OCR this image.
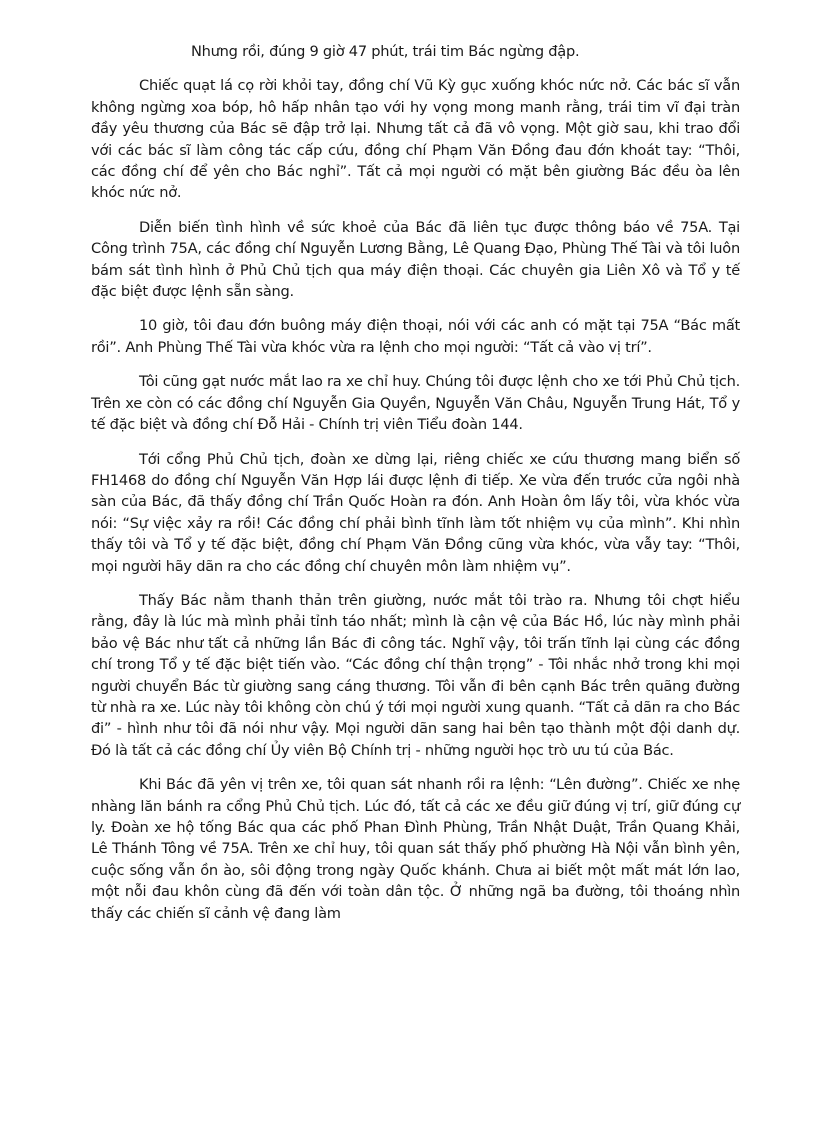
Nhưng rồi, đúng 9 giờ 47 phút, trái tim Bác ngừng đập.

Chiếc quạt lá cọ rời khỏi tay, đồng chí Vũ Kỳ gục xuống khóc nức nở. Các bác sĩ vẫn không ngừng xoa bóp, hô hấp nhân tạo với hy vọng mong manh rằng, trái tim vĩ đại tràn đầy yêu thương của Bác sẽ đập trở lại. Nhưng tất cả đã vô vọng. Một giờ sau, khi trao đổi với các bác sĩ làm công tác cấp cứu, đồng chí Phạm Văn Đồng đau đớn khoát tay: “Thôi, các đồng chí để yên cho Bác nghỉ”. Tất cả mọi người có mặt bên giường Bác đều òa lên khóc nức nở.

Diễn biến tình hình về sức khoẻ của Bác đã liên tục được thông báo về 75A. Tại Công trình 75A, các đồng chí Nguyễn Lương Bằng, Lê Quang Đạo, Phùng Thế Tài và tôi luôn bám sát tình hình ở Phủ Chủ tịch qua máy điện thoại. Các chuyên gia Liên Xô và Tổ y tế đặc biệt được lệnh sẵn sàng.

10 giờ, tôi đau đớn buông máy điện thoại, nói với các anh có mặt tại 75A “Bác mất rồi”. Anh Phùng Thế Tài vừa khóc vừa ra lệnh cho mọi người: “Tất cả vào vị trí”.

Tôi cũng gạt nước mắt lao ra xe chỉ huy. Chúng tôi được lệnh cho xe tới Phủ Chủ tịch. Trên xe còn có các đồng chí Nguyễn Gia Quyền, Nguyễn Văn Châu, Nguyễn Trung Hát, Tổ y tế đặc biệt và đồng chí Đỗ Hải - Chính trị viên Tiểu đoàn 144.

Tới cổng Phủ Chủ tịch, đoàn xe dừng lại, riêng chiếc xe cứu thương mang biển số FH1468 do đồng chí Nguyễn Văn Hợp lái được lệnh đi tiếp. Xe vừa đến trước cửa ngôi nhà sàn của Bác, đã thấy đồng chí Trần Quốc Hoàn ra đón. Anh Hoàn ôm lấy tôi, vừa khóc vừa nói: “Sự việc xảy ra rồi! Các đồng chí phải bình tĩnh làm tốt nhiệm vụ của mình”. Khi nhìn thấy tôi và Tổ y tế đặc biệt, đồng chí Phạm Văn Đồng cũng vừa khóc, vừa vẫy tay: “Thôi, mọi người hãy dãn ra cho các đồng chí chuyên môn làm nhiệm vụ”.

Thấy Bác nằm thanh thản trên giường, nước mắt tôi trào ra. Nhưng tôi chợt hiểu rằng, đây là lúc mà mình phải tỉnh táo nhất; mình là cận vệ của Bác Hồ, lúc này mình phải bảo vệ Bác như tất cả những lần Bác đi công tác. Nghĩ vậy, tôi trấn tĩnh lại cùng các đồng chí trong Tổ y tế đặc biệt tiến vào. “Các đồng chí thận trọng” - Tôi nhắc nhở trong khi mọi người chuyển Bác từ giường sang cáng thương. Tôi vẫn đi bên cạnh Bác trên quãng đường từ nhà ra xe. Lúc này tôi không còn chú ý tới mọi người xung quanh. “Tất cả dãn ra cho Bác đi” - hình như tôi đã nói như vậy. Mọi người dãn sang hai bên tạo thành một đội danh dự. Đó là tất cả các đồng chí Ủy viên Bộ Chính trị - những người học trò ưu tú của Bác.

Khi Bác đã yên vị trên xe, tôi quan sát nhanh rồi ra lệnh: “Lên đường”. Chiếc xe nhẹ nhàng lăn bánh ra cổng Phủ Chủ tịch. Lúc đó, tất cả các xe đều giữ đúng vị trí, giữ đúng cự ly. Đoàn xe hộ tống Bác qua các phố Phan Đình Phùng, Trần Nhật Duật, Trần Quang Khải, Lê Thánh Tông về 75A. Trên xe chỉ huy, tôi quan sát thấy phố phường Hà Nội vẫn bình yên, cuộc sống vẫn ồn ào, sôi động trong ngày Quốc khánh. Chưa ai biết một mất mát lớn lao, một nỗi đau khôn cùng đã đến với toàn dân tộc. Ở những ngã ba đường, tôi thoáng nhìn thấy các chiến sĩ cảnh vệ đang làm
